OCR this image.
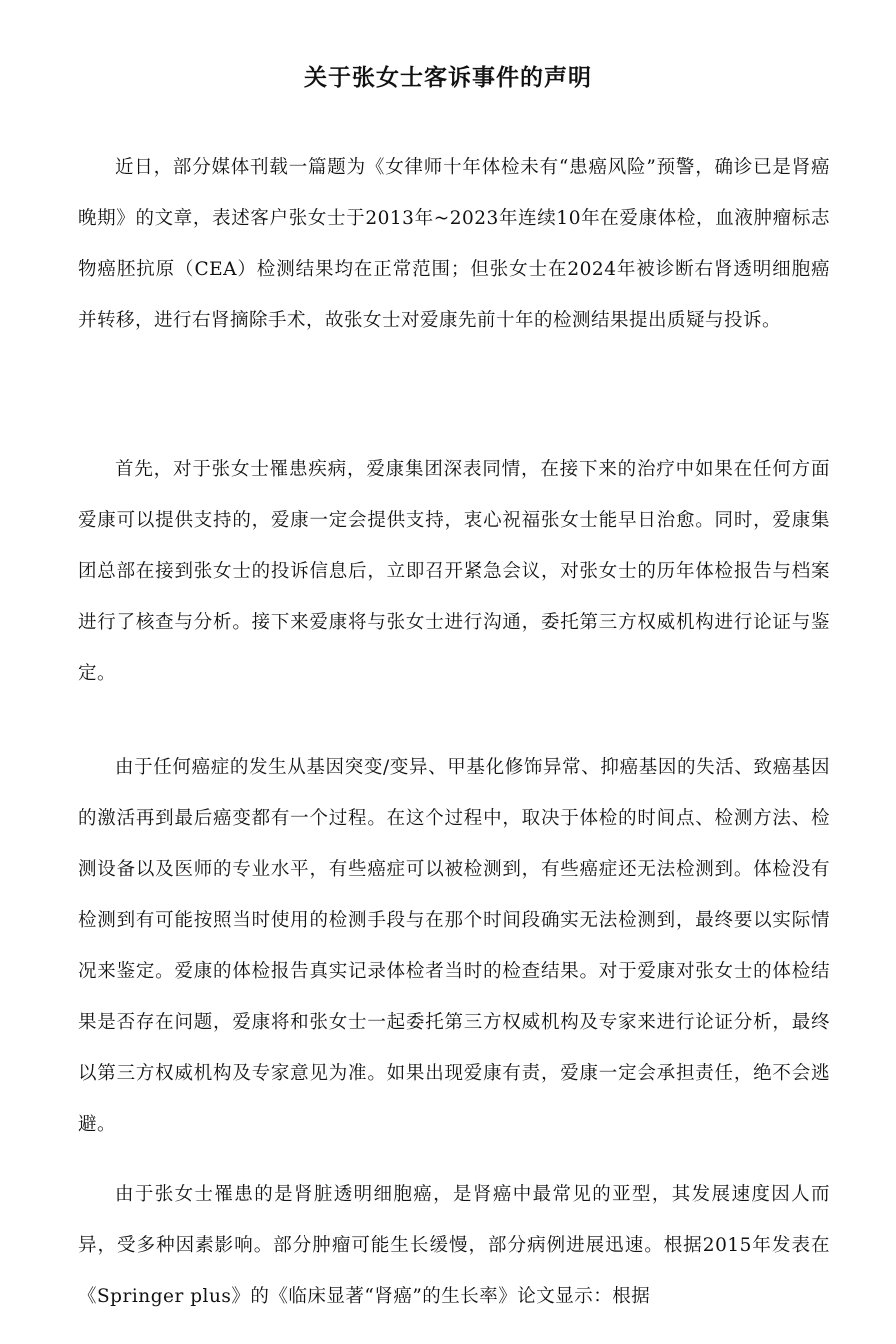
关于张女士客诉事件的声明

近日，部分媒体刊载一篇题为《女律师十年体检未有“患癌风险”预警，确诊已是肾癌晚期》的文章，表述客户张女士于2013年~2023年连续10年在爱康体检，血液肿瘤标志物癌胚抗原（CEA）检测结果均在正常范围；但张女士在2024年被诊断右肾透明细胞癌并转移，进行右肾摘除手术，故张女士对爱康先前十年的检测结果提出质疑与投诉。

首先，对于张女士罹患疾病，爱康集团深表同情，在接下来的治疗中如果在任何方面爱康可以提供支持的，爱康一定会提供支持，衷心祝福张女士能早日治愈。同时，爱康集团总部在接到张女士的投诉信息后，立即召开紧急会议，对张女士的历年体检报告与档案进行了核查与分析。接下来爱康将与张女士进行沟通，委托第三方权威机构进行论证与鉴定。

由于任何癌症的发生从基因突变/变异、甲基化修饰异常、抑癌基因的失活、致癌基因的激活再到最后癌变都有一个过程。在这个过程中，取决于体检的时间点、检测方法、检测设备以及医师的专业水平，有些癌症可以被检测到，有些癌症还无法检测到。体检没有检测到有可能按照当时使用的检测手段与在那个时间段确实无法检测到，最终要以实际情况来鉴定。爱康的体检报告真实记录体检者当时的检查结果。对于爱康对张女士的体检结果是否存在问题，爱康将和张女士一起委托第三方权威机构及专家来进行论证分析，最终以第三方权威机构及专家意见为准。如果出现爱康有责，爱康一定会承担责任，绝不会逃避。

由于张女士罹患的是肾脏透明细胞癌，是肾癌中最常见的亚型，其发展速度因人而异，受多种因素影响。部分肿瘤可能生长缓慢，部分病例进展迅速。根据2015年发表在《Springer plus》的《临床显著“肾癌”的生长率》论文显示：根据
